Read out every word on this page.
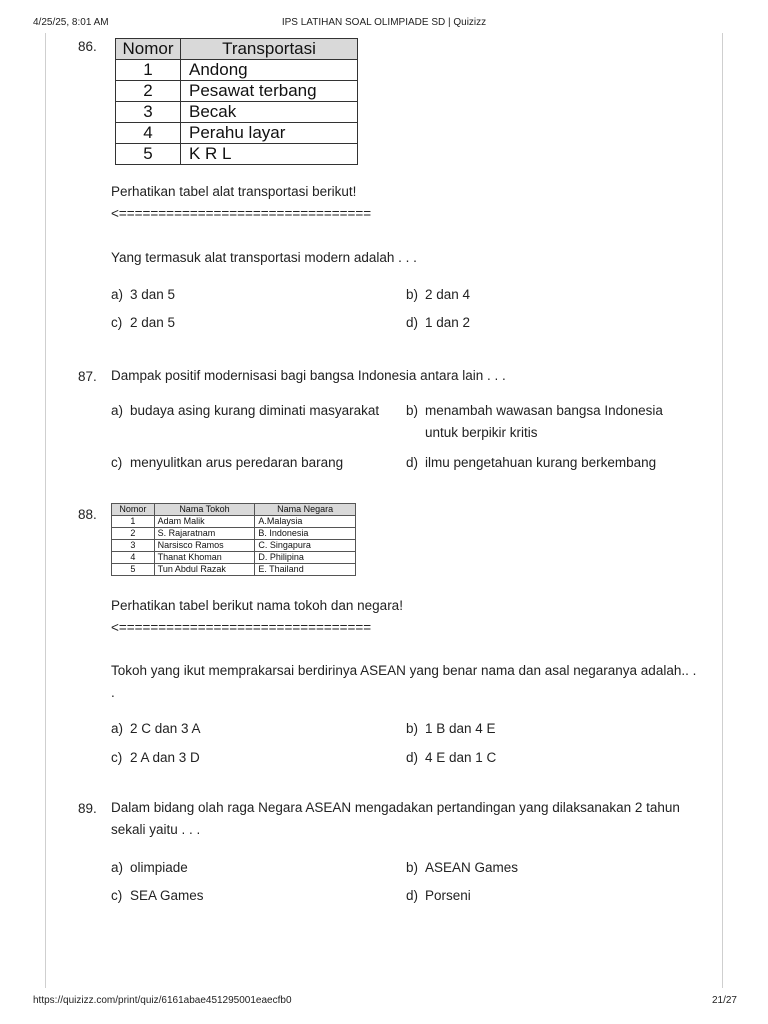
4/25/25, 8:01 AM	IPS LATIHAN SOAL OLIMPIADE SD | Quizizz
https://quizizz.com/print/quiz/6161abae451295001eaecfb0	21/27
86. Nomor	Transportasi
1	Andong
2	Pesawat terbang
3	Becak
4	Perahu layar
5	K R L
Perhatikan tabel alat transportasi berikut!
<================================
Yang termasuk alat transportasi modern adalah . . .
a) 3 dan 5	b) 2 dan 4
c) 2 dan 5	d) 1 dan 2
87. Dampak positif modernisasi bagi bangsa Indonesia antara lain . . .
a) budaya asing kurang diminati masyarakat b) menambah wawasan bangsa Indonesia
untuk berpikir kritis
c) menyulitkan arus peredaran barang	d) ilmu pengetahuan kurang berkembang
88.	Nomor	Nama Tokoh	Nama Negara
1	Adam Malik	A.Malaysia
2	S. Rajaratnam	B. Indonesia
3	Narsisco Ramos	C. Singapura
4	Thanat Khoman	D. Philipina
5	Tun Abdul Razak	E. Thailand
Perhatikan tabel berikut nama tokoh dan negara!
<================================
Tokoh yang ikut memprakarsai berdirinya ASEAN yang benar nama dan asal negaranya adalah.. .
.
a) 2 C dan 3 A	b) 1 B dan 4 E
c) 2 A dan 3 D	d) 4 E dan 1 C
89. Dalam bidang olah raga Negara ASEAN mengadakan pertandingan yang dilaksanakan 2 tahun
sekali yaitu . . .
a) olimpiade	b) ASEAN Games
c) SEA Games	d) Porseni
